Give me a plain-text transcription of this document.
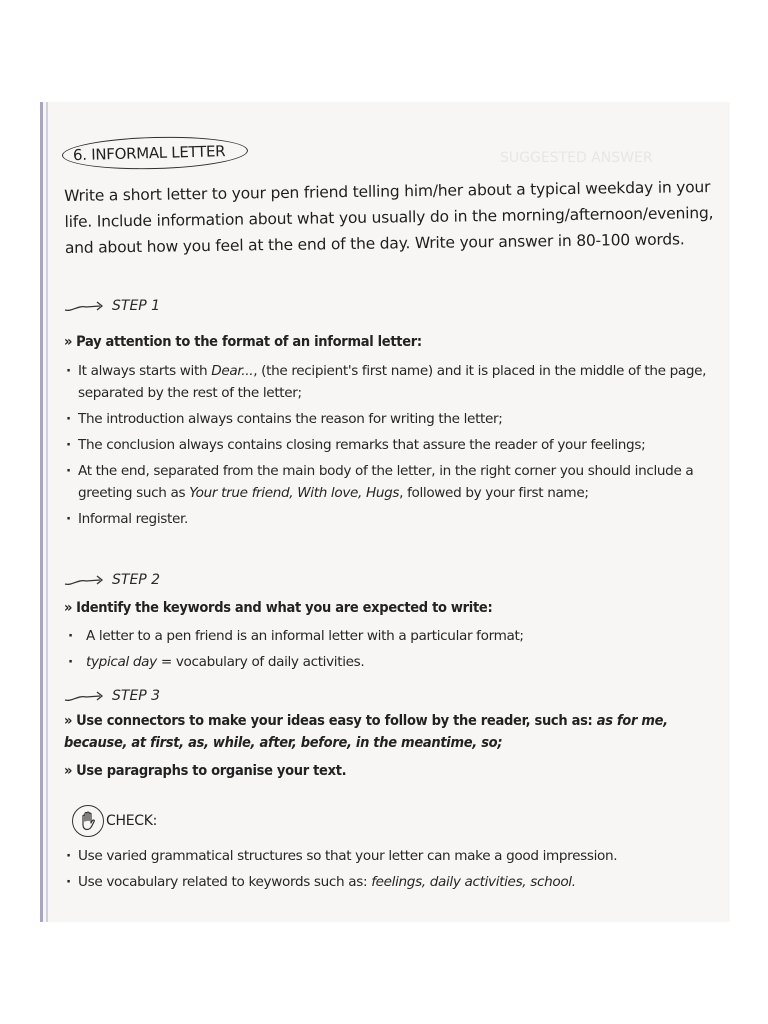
SUGGESTED ANSWER
6. INFORMAL LETTER
Write a short letter to your pen friend telling him/her about a typical weekday in your life. Include information about what you usually do in the morning/afternoon/evening, and about how you feel at the end of the day. Write your answer in 80-100 words.
STEP 1
» Pay attention to the format of an informal letter:
· It always starts with Dear..., (the recipient's first name) and it is placed in the middle of the page, separated by the rest of the letter;
· The introduction always contains the reason for writing the letter;
· The conclusion always contains closing remarks that assure the reader of your feelings;
· At the end, separated from the main body of the letter, in the right corner you should include a greeting such as Your true friend, With love, Hugs, followed by your first name;
· Informal register.
STEP 2
» Identify the keywords and what you are expected to write:
· A letter to a pen friend is an informal letter with a particular format;
· typical day = vocabulary of daily activities.
STEP 3
» Use connectors to make your ideas easy to follow by the reader, such as: as for me, because, at first, as, while, after, before, in the meantime, so;
» Use paragraphs to organise your text.
CHECK:
· Use varied grammatical structures so that your letter can make a good impression.
· Use vocabulary related to keywords such as: feelings, daily activities, school.
